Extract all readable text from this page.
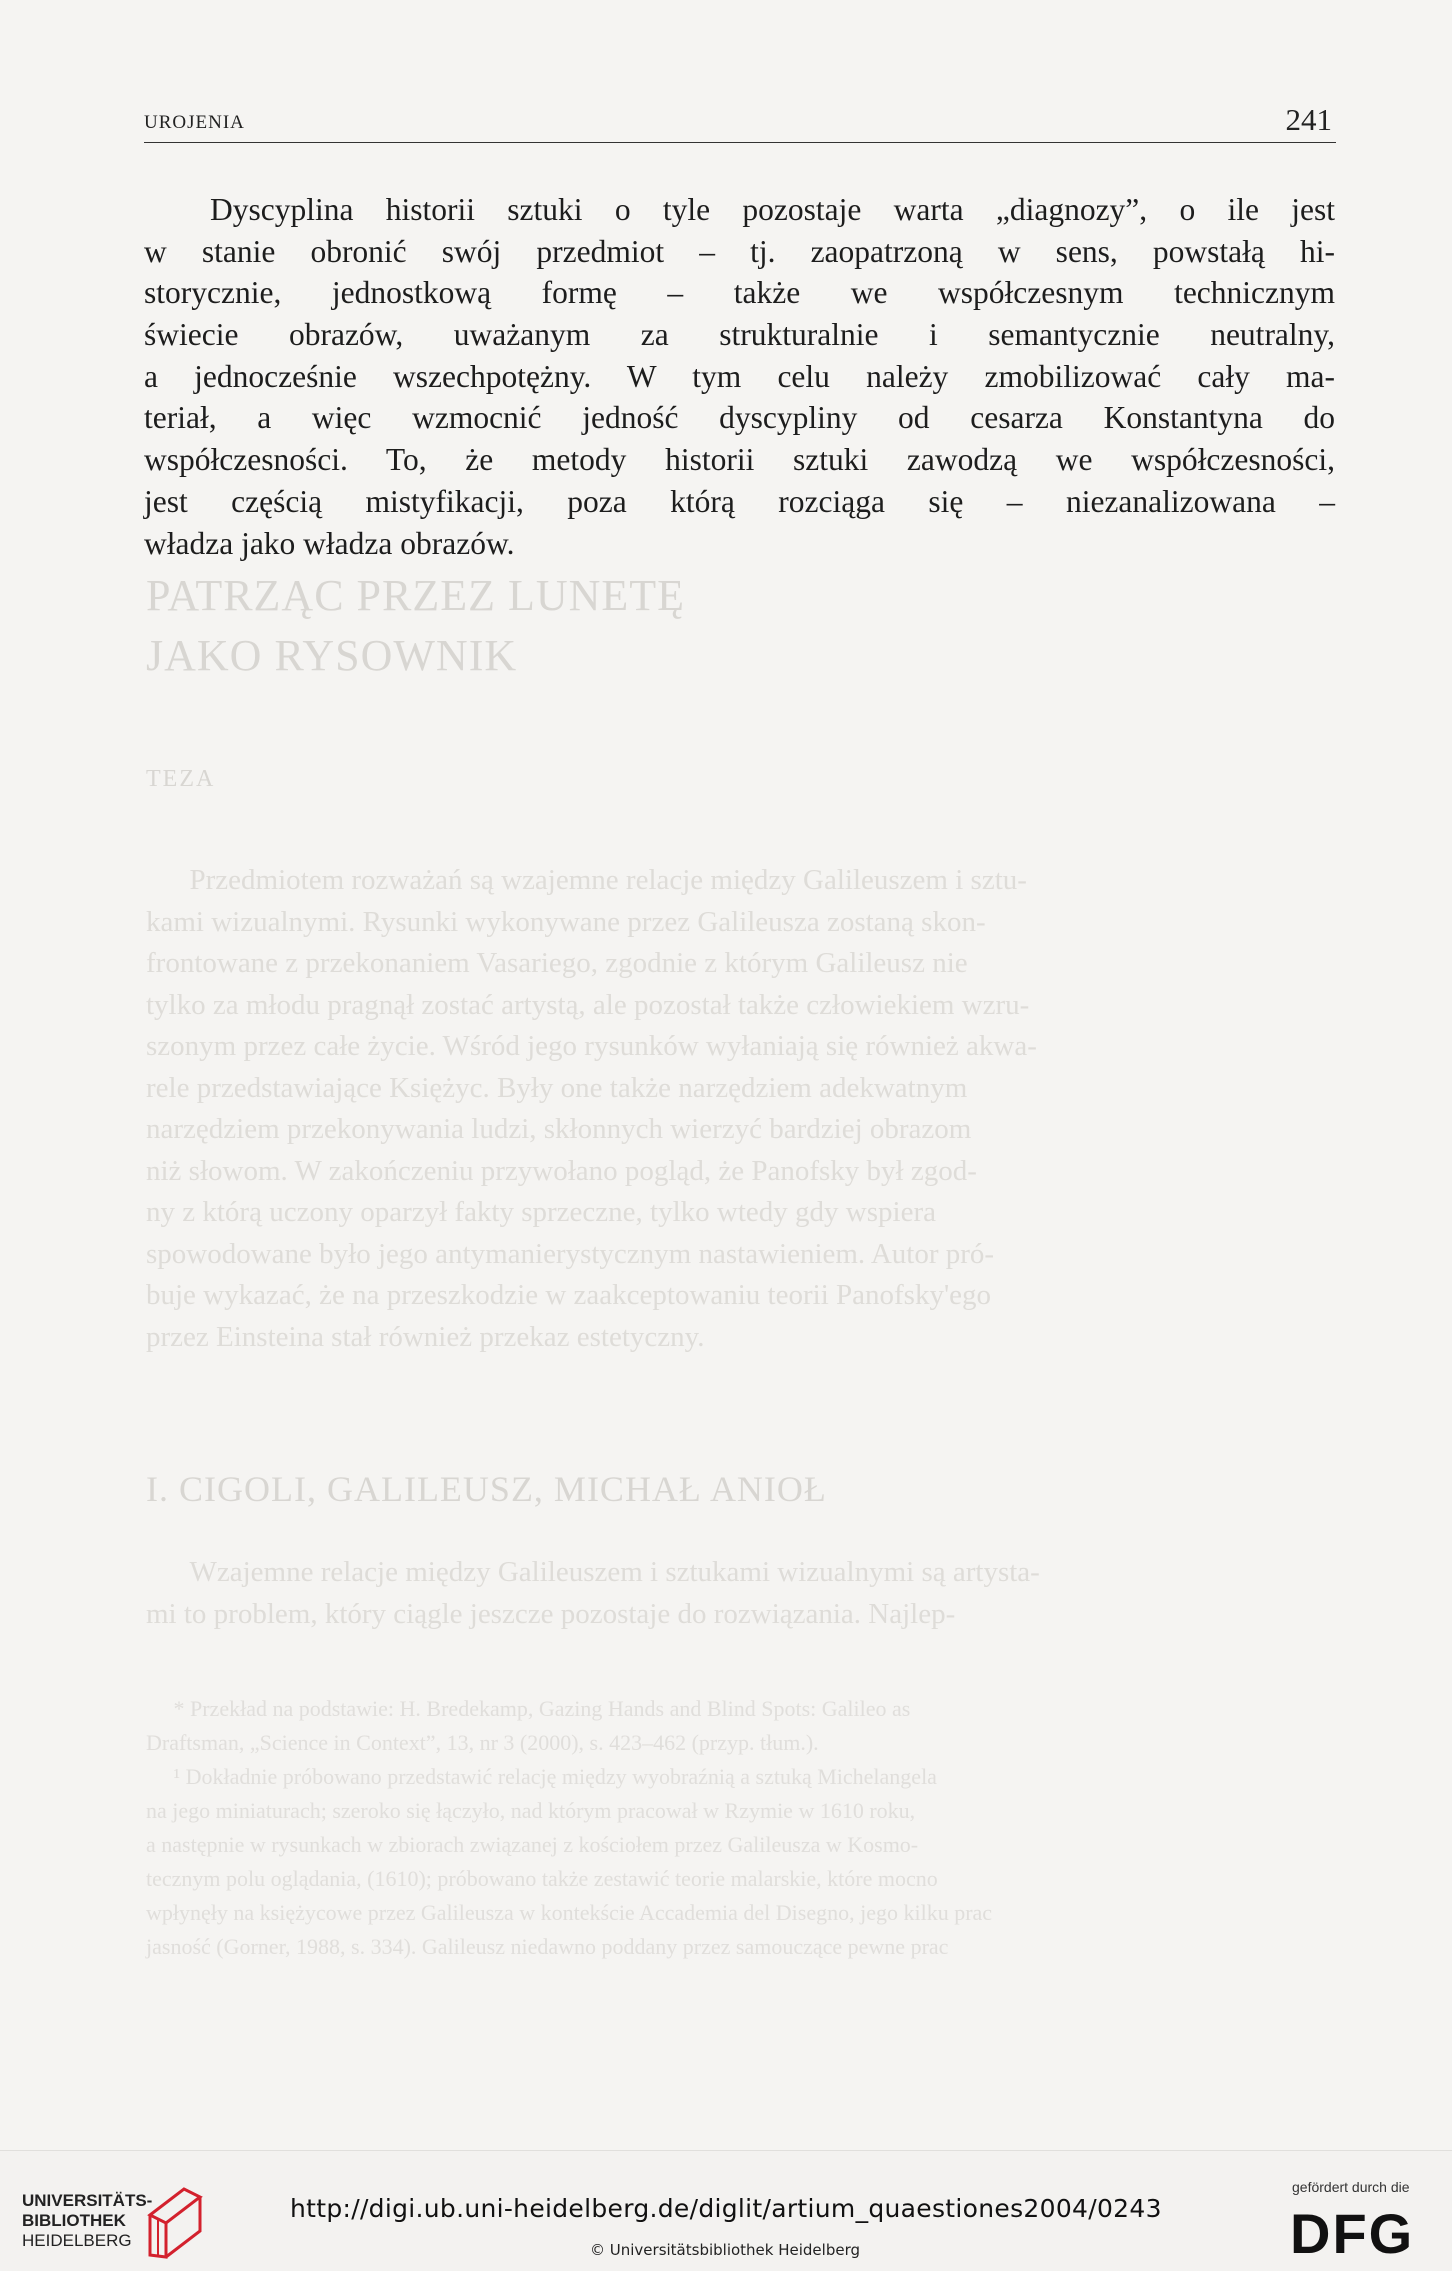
PATRZĄC PRZEZ LUNETĘ
JAKO RYSOWNIK
TEZA
Przedmiotem rozważań są wzajemne relacje między Galileuszem i sztu-
kami wizualnymi. Rysunki wykonywane przez Galileusza zostaną skon-
frontowane z przekonaniem Vasariego, zgodnie z którym Galileusz nie
tylko za młodu pragnął zostać artystą, ale pozostał także człowiekiem wzru-
szonym przez całe życie. Wśród jego rysunków wyłaniają się również akwa-
rele przedstawiające Księżyc. Były one także narzędziem adekwatnym
narzędziem przekonywania ludzi, skłonnych wierzyć bardziej obrazom
niż słowom. W zakończeniu przywołano pogląd, że Panofsky był zgod-
ny z którą uczony oparzył fakty sprzeczne, tylko wtedy gdy wspiera
spowodowane było jego antymanierystycznym nastawieniem. Autor pró-
buje wykazać, że na przeszkodzie w zaakceptowaniu teorii Panofsky'ego
przez Einsteina stał również przekaz estetyczny.
I. CIGOLI, GALILEUSZ, MICHAŁ ANIOŁ
Wzajemne relacje między Galileuszem i sztukami wizualnymi są artysta-
mi to problem, który ciągle jeszcze pozostaje do rozwiązania. Najlep-
* Przekład na podstawie: H. Bredekamp, Gazing Hands and Blind Spots: Galileo as
Draftsman, „Science in Context”, 13, nr 3 (2000), s. 423–462 (przyp. tłum.).
¹ Dokładnie próbowano przedstawić relację między wyobraźnią a sztuką Michelangela
na jego miniaturach; szeroko się łączyło, nad którym pracował w Rzymie w 1610 roku,
a następnie w rysunkach w zbiorach związanej z kościołem przez Galileusza w Kosmo-
tecznym polu oglądania, (1610); próbowano także zestawić teorie malarskie, które mocno
wpłynęły na księżycowe przez Galileusza w kontekście Accademia del Disegno, jego kilku prac
jasność (Gorner, 1988, s. 334). Galileusz niedawno poddany przez samouczące pewne prac
UROJENIA	241
Dyscyplina historii sztuki o tyle pozostaje warta „diagnozy”, o ile jest
w stanie obronić swój przedmiot – tj. zaopatrzoną w sens, powstałą hi-
storycznie, jednostkową formę – także we współczesnym technicznym
świecie obrazów, uważanym za strukturalnie i semantycznie neutralny,
a jednocześnie wszechpotężny. W tym celu należy zmobilizować cały ma-
teriał, a więc wzmocnić jedność dyscypliny od cesarza Konstantyna do
współczesności. To, że metody historii sztuki zawodzą we współczesności,
jest częścią mistyfikacji, poza którą rozciąga się – niezanalizowana –
władza jako władza obrazów.
UNIVERSITÄTS-
BIBLIOTHEK
HEIDELBERG
http://digi.ub.uni-heidelberg.de/diglit/artium_quaestiones2004/0243
© Universitätsbibliothek Heidelberg
gefördert durch die
DFG
